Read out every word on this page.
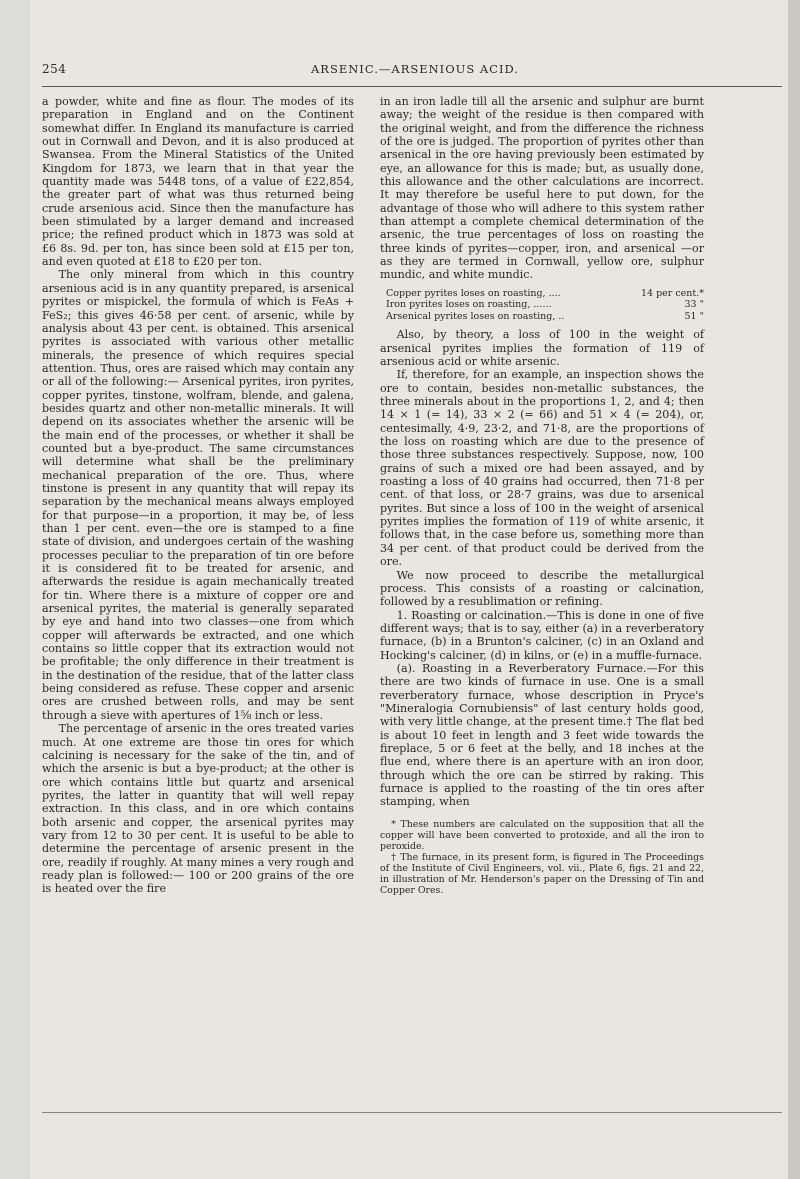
254	ARSENIC.—ARSENIOUS ACID.

a powder, white and fine as flour. The modes of its preparation in England and on the Continent somewhat differ. In England its manufacture is carried out in Cornwall and Devon, and it is also produced at Swansea. From the Mineral Statistics of the United Kingdom for 1873, we learn that in that year the quantity made was 5448 tons, of a value of £22,854, the greater part of what was thus returned being crude arsenious acid. Since then the manufacture has been stimulated by a larger demand and increased price; the refined product which in 1873 was sold at £6 8s. 9d. per ton, has since been sold at £15 per ton, and even quoted at £18 to £20 per ton.

The only mineral from which in this country arsenious acid is in any quantity prepared, is arsenical pyrites or mispickel, the formula of which is FeAs + FeS₂; this gives 46·58 per cent. of arsenic, while by analysis about 43 per cent. is obtained. This arsenical pyrites is associated with various other metallic minerals, the presence of which requires special attention. Thus, ores are raised which may contain any or all of the following:— Arsenical pyrites, iron pyrites, copper pyrites, tinstone, wolfram, blende, and galena, besides quartz and other non-metallic minerals. It will depend on its associates whether the arsenic will be the main end of the processes, or whether it shall be counted but a bye-product. The same circumstances will determine what shall be the preliminary mechanical preparation of the ore. Thus, where tinstone is present in any quantity that will repay its separation by the mechanical means always employed for that purpose—in a proportion, it may be, of less than 1 per cent. even—the ore is stamped to a fine state of division, and undergoes certain of the washing processes peculiar to the preparation of tin ore before it is considered fit to be treated for arsenic, and afterwards the residue is again mechanically treated for tin. Where there is a mixture of copper ore and arsenical pyrites, the material is generally separated by eye and hand into two classes—one from which copper will afterwards be extracted, and one which contains so little copper that its extraction would not be profitable; the only difference in their treatment is in the destination of the residue, that of the latter class being considered as refuse. These copper and arsenic ores are crushed between rolls, and may be sent through a sieve with apertures of 1⅝ inch or less.

The percentage of arsenic in the ores treated varies much. At one extreme are those tin ores for which calcining is necessary for the sake of the tin, and of which the arsenic is but a bye-product; at the other is ore which contains little but quartz and arsenical pyrites, the latter in quantity that will well repay extraction. In this class, and in ore which contains both arsenic and copper, the arsenical pyrites may vary from 12 to 30 per cent. It is useful to be able to determine the percentage of arsenic present in the ore, readily if roughly. At many mines a very rough and ready plan is followed:— 100 or 200 grains of the ore is heated over the fire

in an iron ladle till all the arsenic and sulphur are burnt away; the weight of the residue is then compared with the original weight, and from the difference the richness of the ore is judged. The proportion of pyrites other than arsenical in the ore having previously been estimated by eye, an allowance for this is made; but, as usually done, this allowance and the other calculations are incorrect. It may therefore be useful here to put down, for the advantage of those who will adhere to this system rather than attempt a complete chemical determination of the arsenic, the true percentages of loss on roasting the three kinds of pyrites—copper, iron, and arsenical —or as they are termed in Cornwall, yellow ore, sulphur mundic, and white mundic.

Copper pyrites loses on roasting, ....	14 per cent.*
Iron pyrites loses on roasting, ......	33 "
Arsenical pyrites loses on roasting, ..	51 "

Also, by theory, a loss of 100 in the weight of arsenical pyrites implies the formation of 119 of arsenious acid or white arsenic.

If, therefore, for an example, an inspection shows the ore to contain, besides non-metallic substances, the three minerals about in the proportions 1, 2, and 4; then 14 × 1 (= 14), 33 × 2 (= 66) and 51 × 4 (= 204), or, centesimally, 4·9, 23·2, and 71·8, are the proportions of the loss on roasting which are due to the presence of those three substances respectively. Suppose, now, 100 grains of such a mixed ore had been assayed, and by roasting a loss of 40 grains had occurred, then 71·8 per cent. of that loss, or 28·7 grains, was due to arsenical pyrites. But since a loss of 100 in the weight of arsenical pyrites implies the formation of 119 of white arsenic, it follows that, in the case before us, something more than 34 per cent. of that product could be derived from the ore.

We now proceed to describe the metallurgical process. This consists of a roasting or calcination, followed by a resublimation or refining.

1. Roasting or calcination.—This is done in one of five different ways; that is to say, either (a) in a reverberatory furnace, (b) in a Brunton's calciner, (c) in an Oxland and Hocking's calciner, (d) in kilns, or (e) in a muffle-furnace.

(a). Roasting in a Reverberatory Furnace.—For this there are two kinds of furnace in use. One is a small reverberatory furnace, whose description in Pryce's "Mineralogia Cornubiensis" of last century holds good, with very little change, at the present time.† The flat bed is about 10 feet in length and 3 feet wide towards the fireplace, 5 or 6 feet at the belly, and 18 inches at the flue end, where there is an aperture with an iron door, through which the ore can be stirred by raking. This furnace is applied to the roasting of the tin ores after stamping, when

* These numbers are calculated on the supposition that all the copper will have been converted to protoxide, and all the iron to peroxide.

† The furnace, in its present form, is figured in The Proceedings of the Institute of Civil Engineers, vol. vii., Plate 6, figs. 21 and 22, in illustration of Mr. Henderson's paper on the Dressing of Tin and Copper Ores.
